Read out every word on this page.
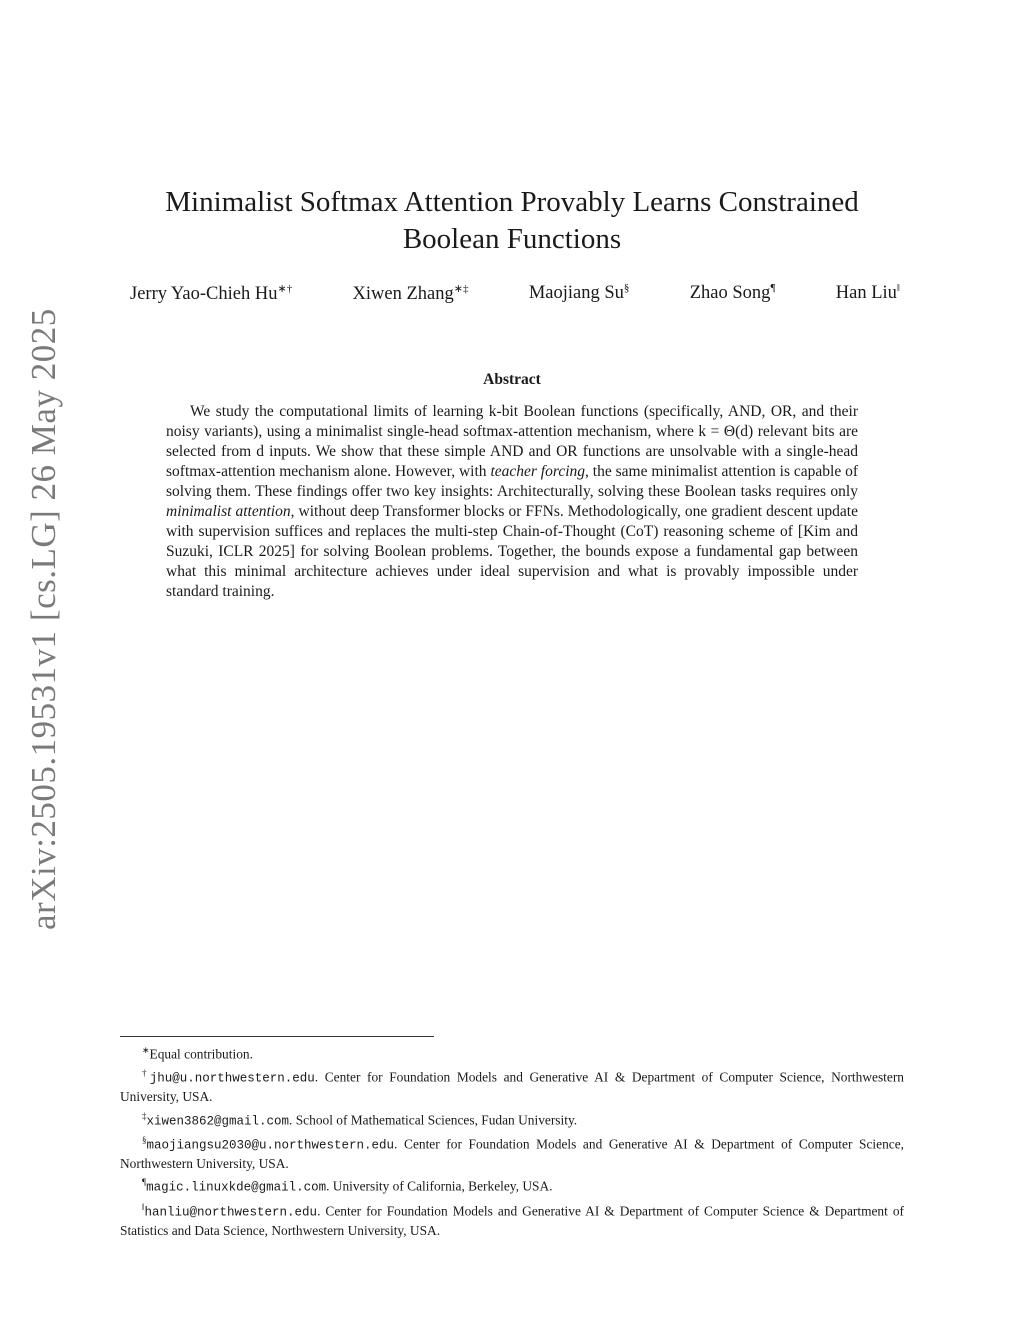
arXiv:2505.19531v1 [cs.LG] 26 May 2025
Minimalist Softmax Attention Provably Learns Constrained
Boolean Functions
Jerry Yao-Chieh Hu∗†	Xiwen Zhang∗‡	Maojiang Su§	Zhao Song¶	Han Liu‖
Abstract

We study the computational limits of learning k-bit Boolean functions (specifically, AND, OR, and their noisy variants), using a minimalist single-head softmax-attention mechanism, where k = Θ(d) relevant bits are selected from d inputs. We show that these simple AND and OR functions are unsolvable with a single-head softmax-attention mechanism alone. However, with teacher forcing, the same minimalist attention is capable of solving them. These findings offer two key insights: Architecturally, solving these Boolean tasks requires only minimalist attention, without deep Transformer blocks or FFNs. Methodologically, one gradient descent update with supervision suffices and replaces the multi-step Chain-of-Thought (CoT) reasoning scheme of [Kim and Suzuki, ICLR 2025] for solving Boolean problems. Together, the bounds expose a fundamental gap between what this minimal architecture achieves under ideal supervision and what is provably impossible under standard training.

∗Equal contribution.

†jhu@u.northwestern.edu. Center for Foundation Models and Generative AI & Department of Computer Science, Northwestern University, USA.

‡xiwen3862@gmail.com. School of Mathematical Sciences, Fudan University.

§maojiangsu2030@u.northwestern.edu. Center for Foundation Models and Generative AI & Department of Computer Science, Northwestern University, USA.

¶magic.linuxkde@gmail.com. University of California, Berkeley, USA.

‖hanliu@northwestern.edu. Center for Foundation Models and Generative AI & Department of Computer Science & Department of Statistics and Data Science, Northwestern University, USA.
